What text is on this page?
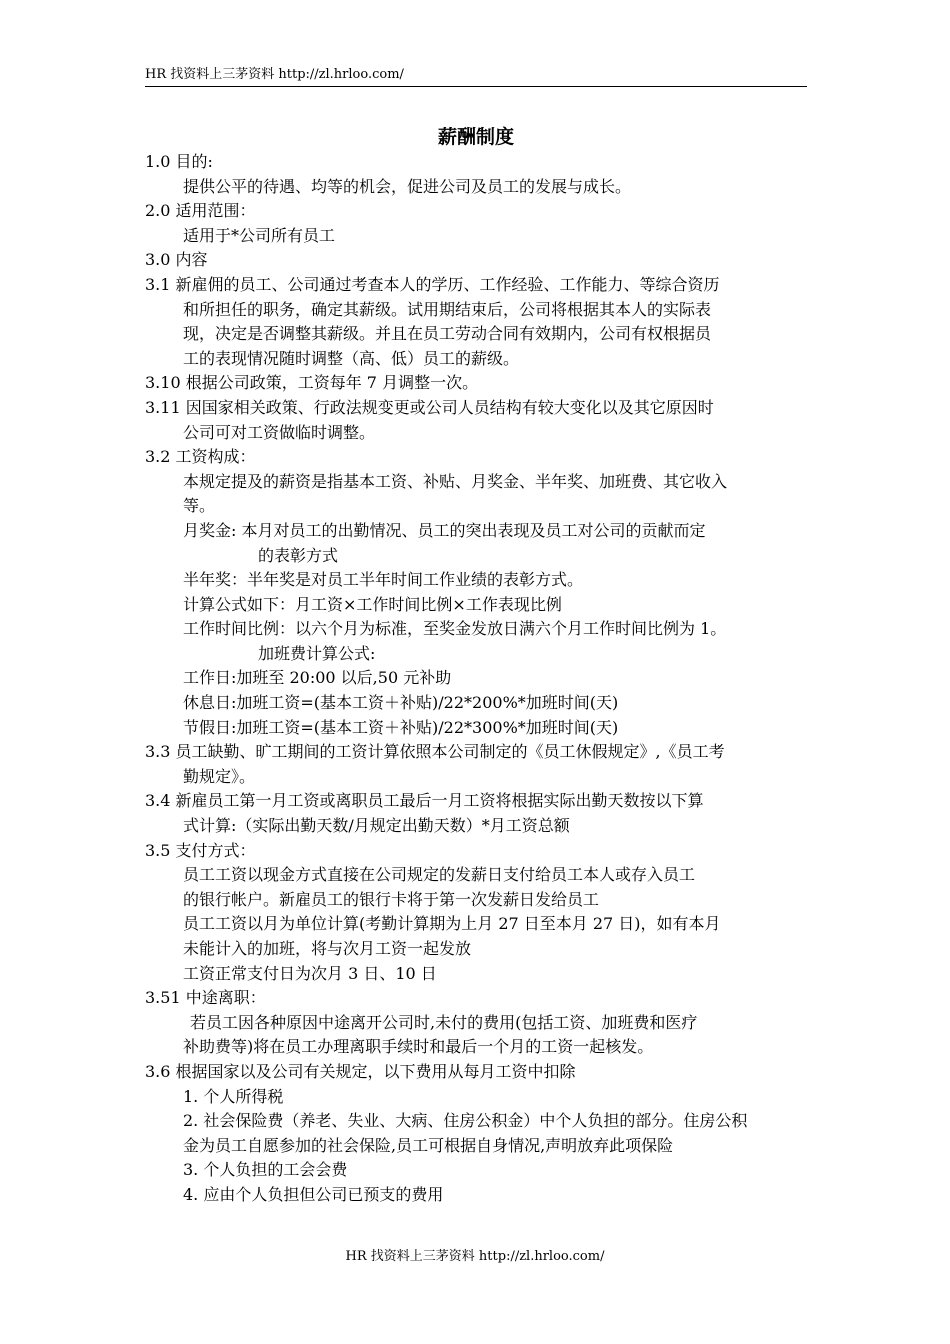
HR 找资料上三茅资料 http://zl.hrloo.com/
薪酬制度

1.0 目的:

提供公平的待遇、均等的机会，促进公司及员工的发展与成长。

2.0 适用范围：

适用于*公司所有员工

3.0 内容

3.1 新雇佣的员工、公司通过考查本人的学历、工作经验、工作能力、等综合资历

和所担任的职务，确定其薪级。试用期结束后，公司将根据其本人的实际表

现，决定是否调整其薪级。并且在员工劳动合同有效期内，公司有权根据员

工的表现情况随时调整（高、低）员工的薪级。

3.10 根据公司政策，工资每年 7 月调整一次。

3.11 因国家相关政策、行政法规变更或公司人员结构有较大变化以及其它原因时

公司可对工资做临时调整。

3.2 工资构成：

本规定提及的薪资是指基本工资、补贴、月奖金、半年奖、加班费、其它收入

等。

月奖金: 本月对员工的出勤情况、员工的突出表现及员工对公司的贡献而定

的表彰方式

半年奖：半年奖是对员工半年时间工作业绩的表彰方式。

计算公式如下：月工资×工作时间比例×工作表现比例

工作时间比例：以六个月为标准，至奖金发放日满六个月工作时间比例为 1。

加班费计算公式:

工作日:加班至 20:00 以后,50 元补助

休息日:加班工资=(基本工资＋补贴)/22*200%*加班时间(天)

节假日:加班工资=(基本工资＋补贴)/22*300%*加班时间(天)

3.3 员工缺勤、旷工期间的工资计算依照本公司制定的《员工休假规定》,《员工考

勤规定》。

3.4 新雇员工第一月工资或离职员工最后一月工资将根据实际出勤天数按以下算

式计算:（实际出勤天数/月规定出勤天数）*月工资总额

3.5 支付方式：

员工工资以现金方式直接在公司规定的发薪日支付给员工本人或存入员工

的银行帐户。新雇员工的银行卡将于第一次发薪日发给员工

员工工资以月为单位计算(考勤计算期为上月 27 日至本月 27 日)，如有本月

未能计入的加班，将与次月工资一起发放

工资正常支付日为次月 3 日、10 日

3.51 中途离职：

若员工因各种原因中途离开公司时,未付的费用(包括工资、加班费和医疗

补助费等)将在员工办理离职手续时和最后一个月的工资一起核发。

3.6 根据国家以及公司有关规定，以下费用从每月工资中扣除

1. 个人所得税

2. 社会保险费（养老、失业、大病、住房公积金）中个人负担的部分。住房公积

金为员工自愿参加的社会保险,员工可根据自身情况,声明放弃此项保险

3. 个人负担的工会会费

4. 应由个人负担但公司已预支的费用

HR 找资料上三茅资料 http://zl.hrloo.com/
